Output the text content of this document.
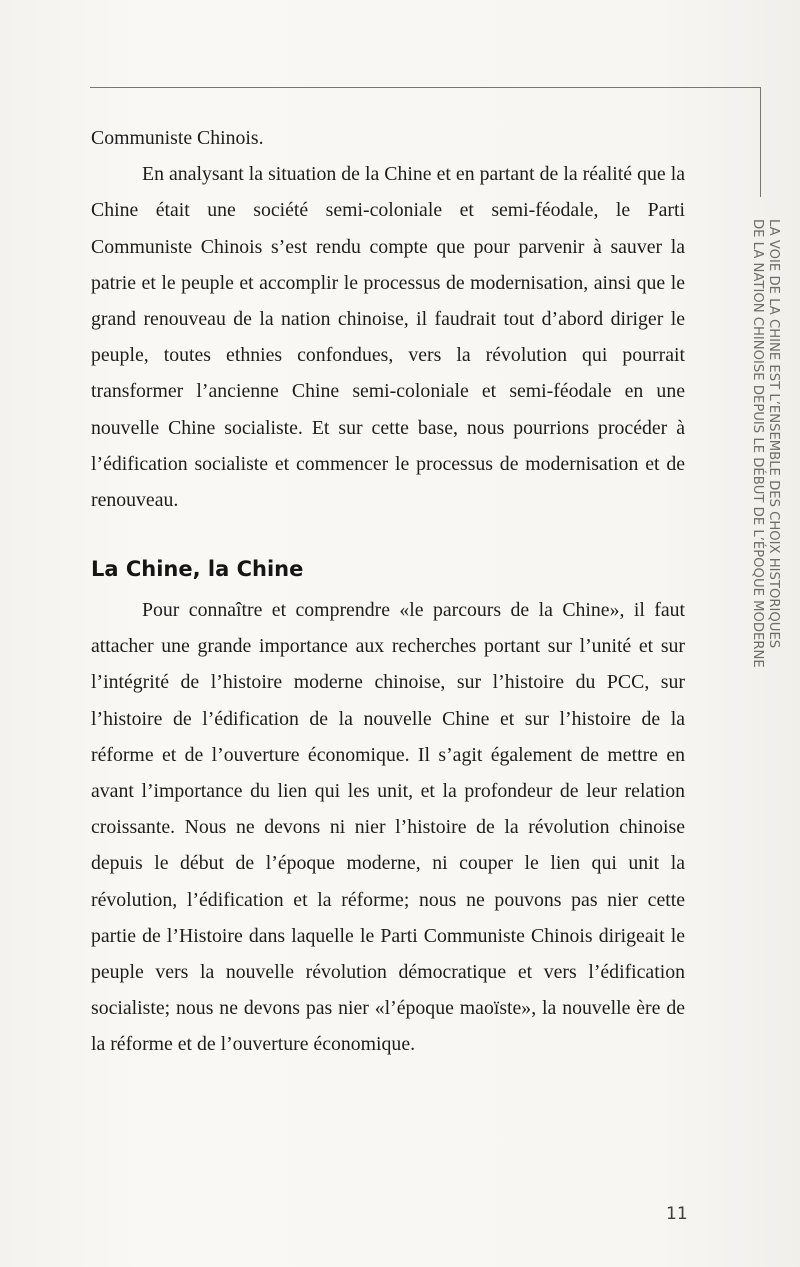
LA VOIE DE LA CHINE EST L’ENSEMBLE DES CHOIX HISTORIQUES
DE LA NATION CHINOISE DEPUIS LE DÉBUT DE L’ÉPOQUE MODERNE

Communiste Chinois.

En analysant la situation de la Chine et en partant de la réalité que la Chine était une société semi-coloniale et semi-féodale, le Parti Communiste Chinois s’est rendu compte que pour parvenir à sauver la patrie et le peuple et accomplir le processus de modernisation, ainsi que le grand renouveau de la nation chinoise, il faudrait tout d’abord diriger le peuple, toutes ethnies confondues, vers la révolution qui pourrait transformer l’ancienne Chine semi-coloniale et semi-féodale en une nouvelle Chine socialiste. Et sur cette base, nous pourrions procéder à l’édification socialiste et commencer le processus de modernisation et de renouveau.

La Chine, la Chine

Pour connaître et comprendre «le parcours de la Chine», il faut attacher une grande importance aux recherches portant sur l’unité et sur l’intégrité de l’histoire moderne chinoise, sur l’histoire du PCC, sur l’histoire de l’édification de la nouvelle Chine et sur l’histoire de la réforme et de l’ouverture économique. Il s’agit également de mettre en avant l’importance du lien qui les unit, et la profondeur de leur relation croissante. Nous ne devons ni nier l’histoire de la révolution chinoise depuis le début de l’époque moderne, ni couper le lien qui unit la révolution, l’édification et la réforme; nous ne pouvons pas nier cette partie de l’Histoire dans laquelle le Parti Communiste Chinois dirigeait le peuple vers la nouvelle révolution démocratique et vers l’édification socialiste; nous ne devons pas nier «l’époque maoïste», la nouvelle ère de la réforme et de l’ouverture économique.

11
